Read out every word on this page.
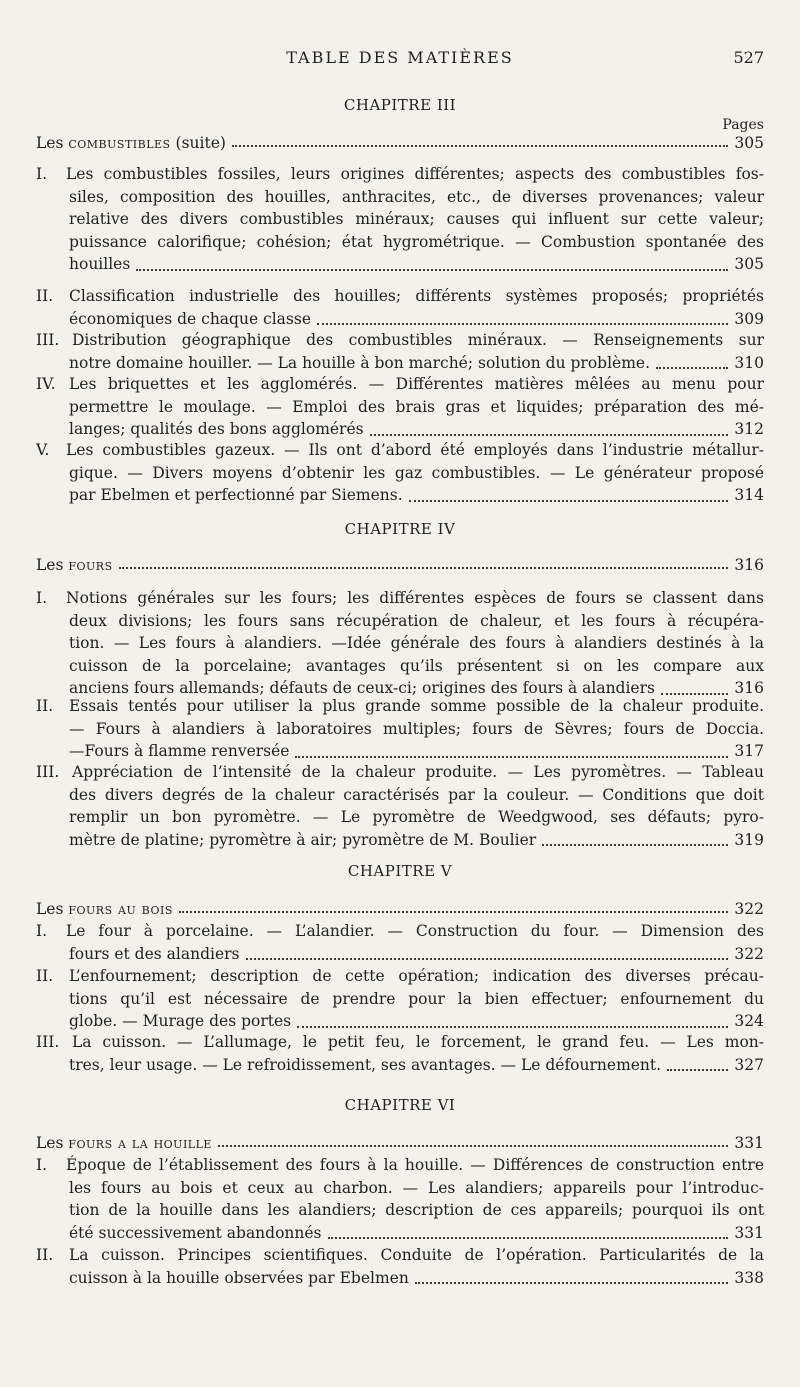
TABLE DES MATIÈRES	527
Pages
CHAPITRE III
Les combustibles (suite)	305
I. Les combustibles fossiles, leurs origines différentes; aspects des combustibles fos-
siles, composition des houilles, anthracites, etc., de diverses provenances; valeur
relative des divers combustibles minéraux; causes qui influent sur cette valeur;
puissance calorifique; cohésion; état hygrométrique. — Combustion spontanée des
houilles	305
II. Classification industrielle des houilles; différents systèmes proposés; propriétés
économiques de chaque classe	309
III. Distribution géographique des combustibles minéraux. — Renseignements sur
notre domaine houiller. — La houille à bon marché; solution du problème.	310
IV. Les briquettes et les agglomérés. — Différentes matières mêlées au menu pour
permettre le moulage. — Emploi des brais gras et liquides; préparation des mé-
langes; qualités des bons agglomérés	312
V. Les combustibles gazeux. — Ils ont d’abord été employés dans l’industrie métallur-
gique. — Divers moyens d’obtenir les gaz combustibles. — Le générateur proposé
par Ebelmen et perfectionné par Siemens.	314
CHAPITRE IV
Les fours	316
I. Notions générales sur les fours; les différentes espèces de fours se classent dans
deux divisions; les fours sans récupération de chaleur, et les fours à récupéra-
tion. — Les fours à alandiers. —Idée générale des fours à alandiers destinés à la
cuisson de la porcelaine; avantages qu’ils présentent si on les compare aux
anciens fours allemands; défauts de ceux-ci; origines des fours à alandiers	316
II. Essais tentés pour utiliser la plus grande somme possible de la chaleur produite.
— Fours à alandiers à laboratoires multiples; fours de Sèvres; fours de Doccia.
—Fours à flamme renversée	317
III. Appréciation de l’intensité de la chaleur produite. — Les pyromètres. — Tableau
des divers degrés de la chaleur caractérisés par la couleur. — Conditions que doit
remplir un bon pyromètre. — Le pyromètre de Weedgwood, ses défauts; pyro-
mètre de platine; pyromètre à air; pyromètre de M. Boulier	319
CHAPITRE V
Les fours au bois	322
I. Le four à porcelaine. — L’alandier. — Construction du four. — Dimension des
fours et des alandiers	322
II. L’enfournement; description de cette opération; indication des diverses précau-
tions qu’il est nécessaire de prendre pour la bien effectuer; enfournement du
globe. — Murage des portes	324
III. La cuisson. — L’allumage, le petit feu, le forcement, le grand feu. — Les mon-
tres, leur usage. — Le refroidissement, ses avantages. — Le défournement.	327
CHAPITRE VI
Les fours a la houille	331
I. Époque de l’établissement des fours à la houille. — Différences de construction entre
les fours au bois et ceux au charbon. — Les alandiers; appareils pour l’introduc-
tion de la houille dans les alandiers; description de ces appareils; pourquoi ils ont
été successivement abandonnés	331
II. La cuisson. Principes scientifiques. Conduite de l’opération. Particularités de la
cuisson à la houille observées par Ebelmen	338
